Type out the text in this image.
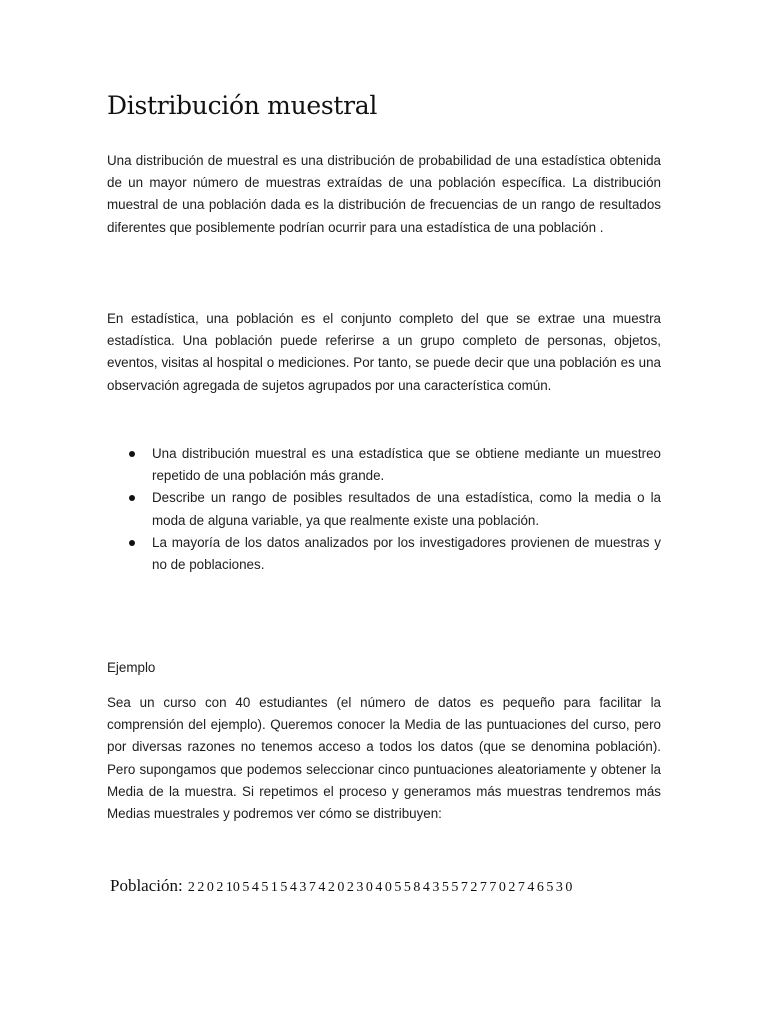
Distribución muestral

Una distribución de muestral es una distribución de probabilidad de una estadística obtenida de un mayor número de muestras extraídas de una población específica. La distribución muestral de una población dada es la distribución de frecuencias de un rango de resultados diferentes que posiblemente podrían ocurrir para una estadística de una población .

En estadística, una población es el conjunto completo del que se extrae una muestra estadística. Una población puede referirse a un grupo completo de personas, objetos, eventos, visitas al hospital o mediciones. Por tanto, se puede decir que una población es una observación agregada de sujetos agrupados por una característica común.

Una distribución muestral es una estadística que se obtiene mediante un muestreo repetido de una población más grande.
Describe un rango de posibles resultados de una estadística, como la media o la moda de alguna variable, ya que realmente existe una población.
La mayoría de los datos analizados por los investigadores provienen de muestras y no de poblaciones.

Ejemplo

Sea un curso con 40 estudiantes (el número de datos es pequeño para facilitar la comprensión del ejemplo). Queremos conocer la Media de las puntuaciones del curso, pero por diversas razones no tenemos acceso a todos los datos (que se denomina población). Pero supongamos que podemos seleccionar cinco puntuaciones aleatoriamente y obtener la Media de la muestra. Si repetimos el proceso y generamos más muestras tendremos más Medias muestrales y podremos ver cómo se distribuyen:

Población: 2 2 0 2 10 5 4 5 1 5 4 3 7 4 2 0 2 3 0 4 0 5 5 8 4 3 5 5 7 2 7 7 0 2 7 4 6 5 3 0
